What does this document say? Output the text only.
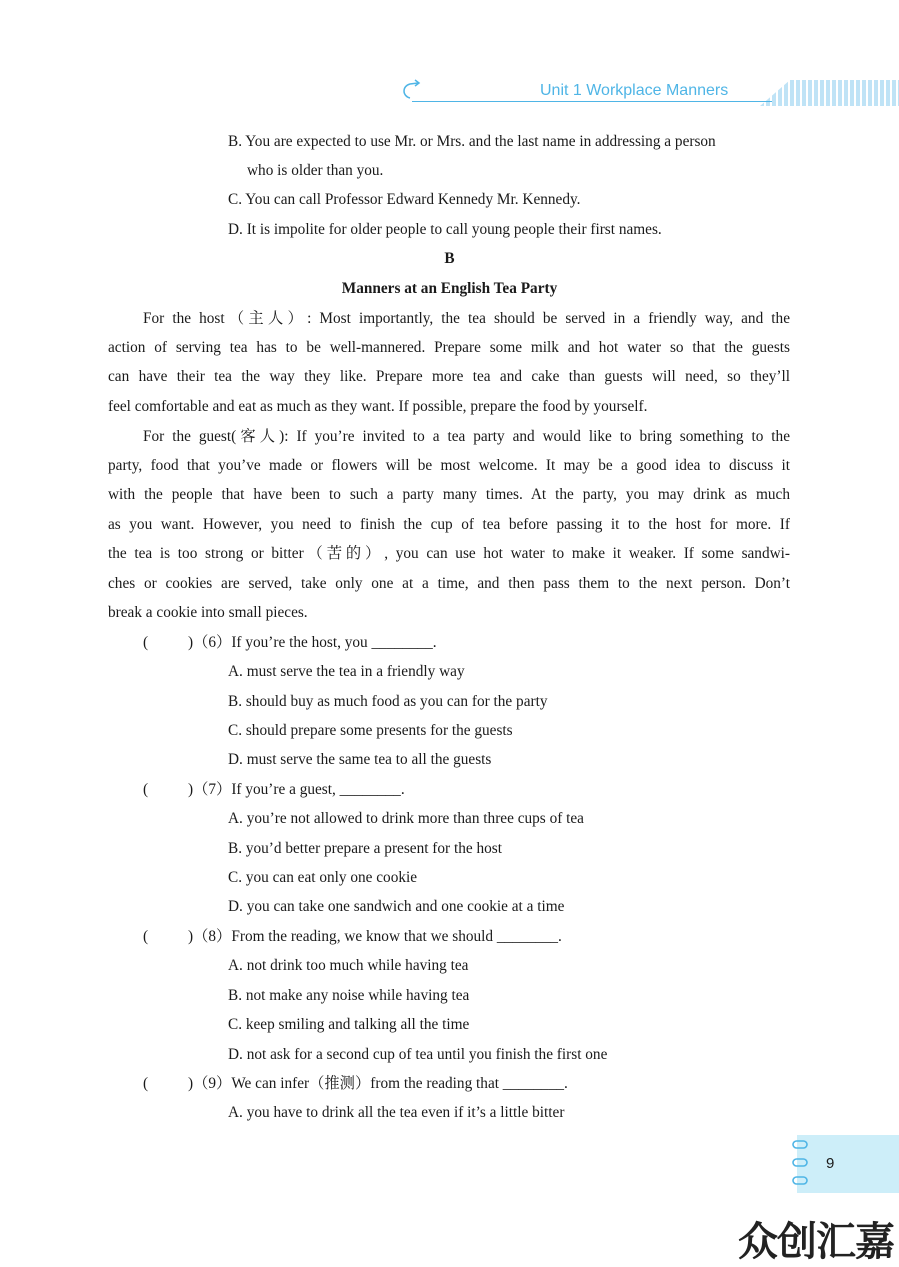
Unit 1 Workplace Manners
B. You are expected to use Mr. or Mrs. and the last name in addressing a person
who is older than you.
C. You can call Professor Edward Kennedy Mr. Kennedy.
D. It is impolite for older people to call young people their first names.
B
Manners at an English Tea Party
For the host（主人）: Most importantly, the tea should be served in a friendly way, and the
action of serving tea has to be well-mannered. Prepare some milk and hot water so that the guests
can have their tea the way they like. Prepare more tea and cake than guests will need, so they’ll
feel comfortable and eat as much as they want. If possible, prepare the food by yourself.
For the guest(客人): If you’re invited to a tea party and would like to bring something to the
party, food that you’ve made or flowers will be most welcome. It may be a good idea to discuss it
with the people that have been to such a party many times. At the party, you may drink as much
as you want. However, you need to finish the cup of tea before passing it to the host for more. If
the tea is too strong or bitter（苦的）, you can use hot water to make it weaker. If some sandwi-
ches or cookies are served, take only one at a time, and then pass them to the next person. Don’t
break a cookie into small pieces.
(	)（6）If you’re the host, you ________.
A. must serve the tea in a friendly way
B. should buy as much food as you can for the party
C. should prepare some presents for the guests
D. must serve the same tea to all the guests
(	)（7）If you’re a guest, ________.
A. you’re not allowed to drink more than three cups of tea
B. you’d better prepare a present for the host
C. you can eat only one cookie
D. you can take one sandwich and one cookie at a time
(	)（8）From the reading, we know that we should ________.
A. not drink too much while having tea
B. not make any noise while having tea
C. keep smiling and talking all the time
D. not ask for a second cup of tea until you finish the first one
(	)（9）We can infer（推测）from the reading that ________.
A. you have to drink all the tea even if it’s a little bitter
9
众创汇嘉
